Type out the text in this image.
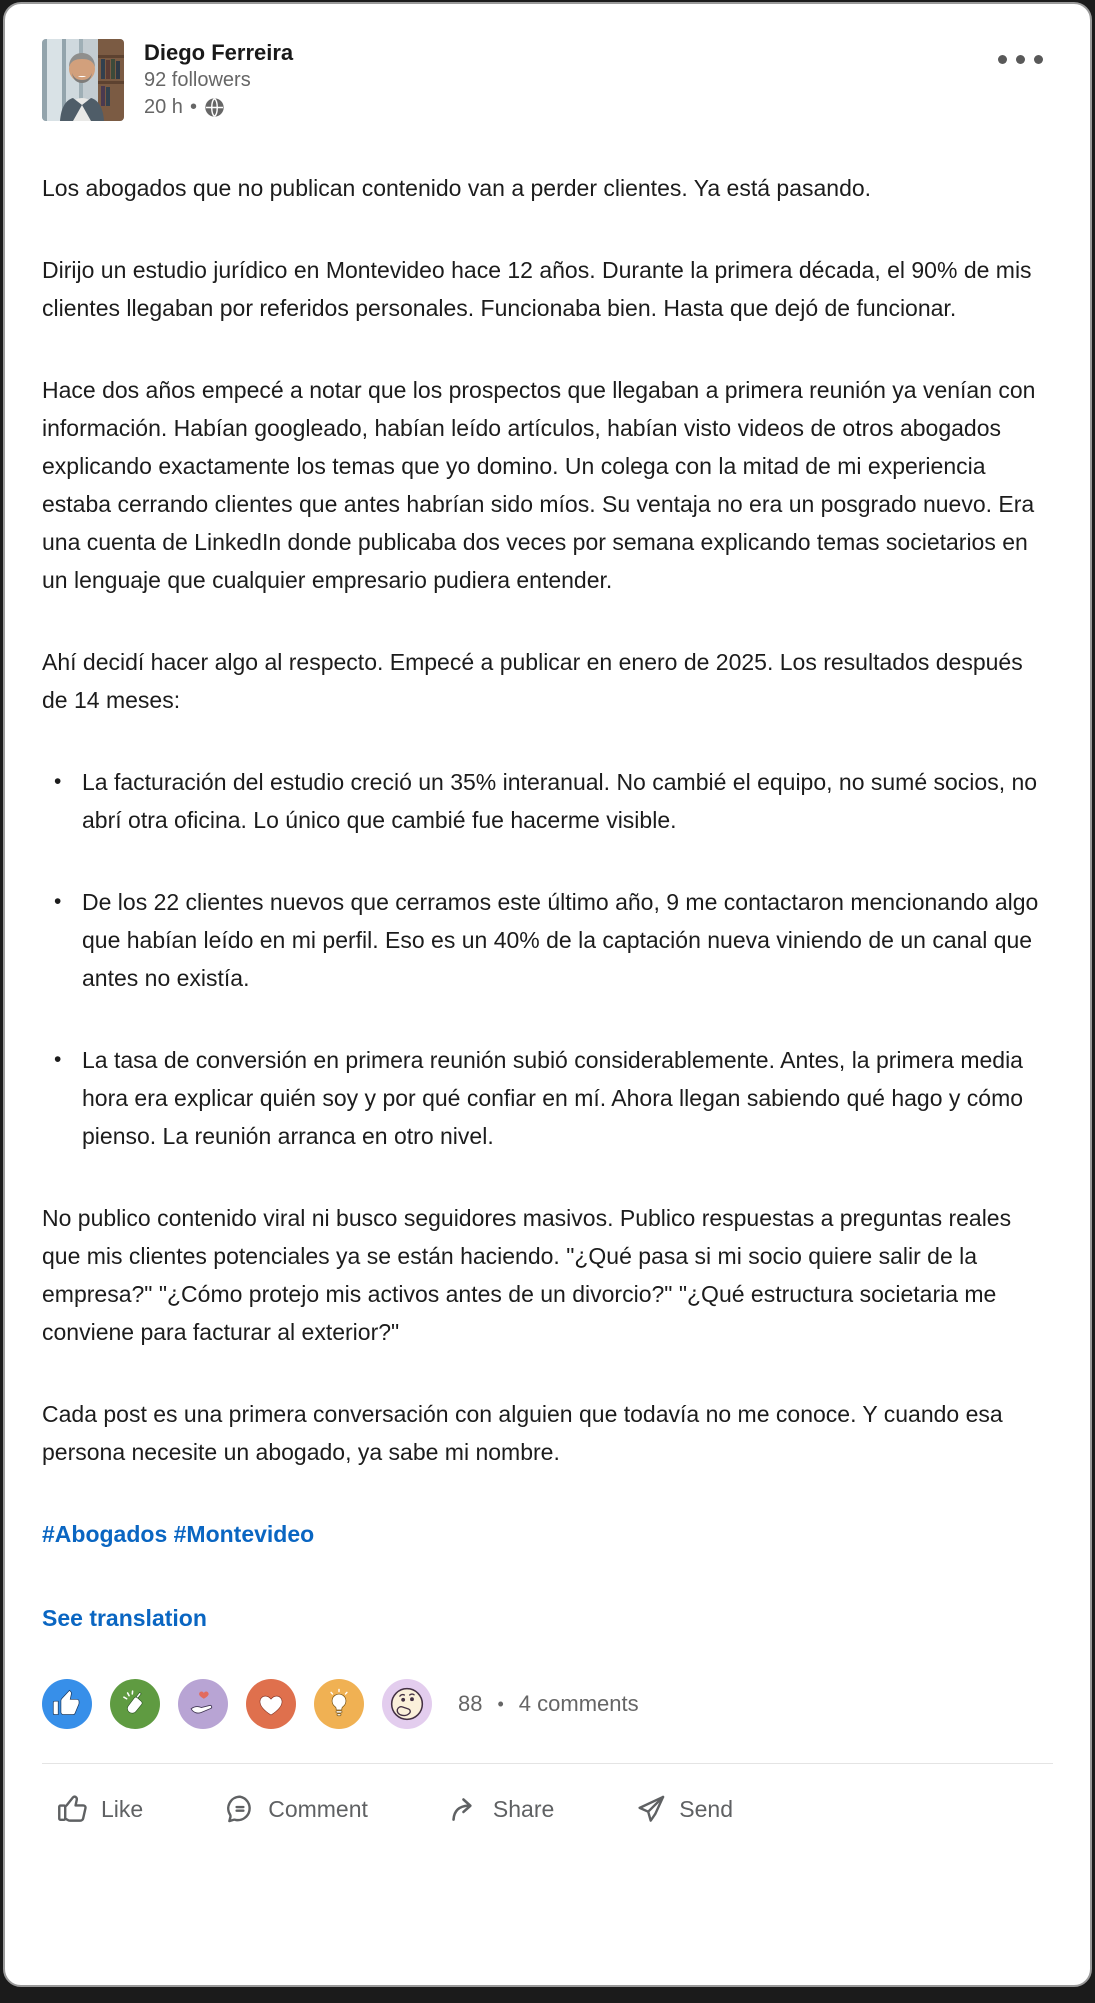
Diego Ferreira
92 followers
20 h •

Los abogados que no publican contenido van a perder clientes. Ya está pasando.

Dirijo un estudio jurídico en Montevideo hace 12 años. Durante la primera década, el 90% de mis clientes llegaban por referidos personales. Funcionaba bien. Hasta que dejó de funcionar.

Hace dos años empecé a notar que los prospectos que llegaban a primera reunión ya venían con información. Habían googleado, habían leído artículos, habían visto videos de otros abogados explicando exactamente los temas que yo domino. Un colega con la mitad de mi experiencia estaba cerrando clientes que antes habrían sido míos. Su ventaja no era un posgrado nuevo. Era una cuenta de LinkedIn donde publicaba dos veces por semana explicando temas societarios en un lenguaje que cualquier empresario pudiera entender.

Ahí decidí hacer algo al respecto. Empecé a publicar en enero de 2025. Los resultados después de 14 meses:

• La facturación del estudio creció un 35% interanual. No cambié el equipo, no sumé socios, no abrí otra oficina. Lo único que cambié fue hacerme visible.
• De los 22 clientes nuevos que cerramos este último año, 9 me contactaron mencionando algo que habían leído en mi perfil. Eso es un 40% de la captación nueva viniendo de un canal que antes no existía.
• La tasa de conversión en primera reunión subió considerablemente. Antes, la primera media hora era explicar quién soy y por qué confiar en mí. Ahora llegan sabiendo qué hago y cómo pienso. La reunión arranca en otro nivel.

No publico contenido viral ni busco seguidores masivos. Publico respuestas a preguntas reales que mis clientes potenciales ya se están haciendo. "¿Qué pasa si mi socio quiere salir de la empresa?" "¿Cómo protejo mis activos antes de un divorcio?" "¿Qué estructura societaria me conviene para facturar al exterior?"

Cada post es una primera conversación con alguien que todavía no me conoce. Y cuando esa persona necesite un abogado, ya sabe mi nombre.

#Abogados #Montevideo

See translation

88 • 4 comments
Like	Comment	Share	Send
